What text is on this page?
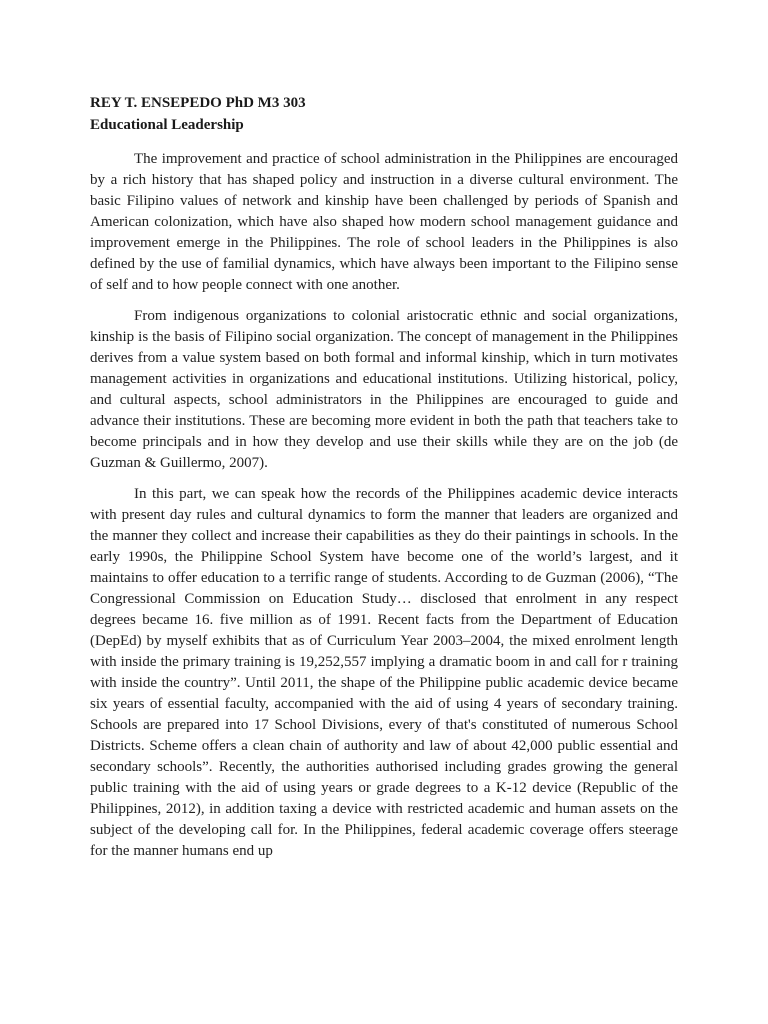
REY T. ENSEPEDO PhD M3 303

Educational Leadership

The improvement and practice of school administration in the Philippines are encouraged by a rich history that has shaped policy and instruction in a diverse cultural environment. The basic Filipino values of network and kinship have been challenged by periods of Spanish and American colonization, which have also shaped how modern school management guidance and improvement emerge in the Philippines. The role of school leaders in the Philippines is also defined by the use of familial dynamics, which have always been important to the Filipino sense of self and to how people connect with one another.

From indigenous organizations to colonial aristocratic ethnic and social organizations, kinship is the basis of Filipino social organization. The concept of management in the Philippines derives from a value system based on both formal and informal kinship, which in turn motivates management activities in organizations and educational institutions. Utilizing historical, policy, and cultural aspects, school administrators in the Philippines are encouraged to guide and advance their institutions. These are becoming more evident in both the path that teachers take to become principals and in how they develop and use their skills while they are on the job (de Guzman & Guillermo, 2007).

In this part, we can speak how the records of the Philippines academic device interacts with present day rules and cultural dynamics to form the manner that leaders are organized and the manner they collect and increase their capabilities as they do their paintings in schools. In the early 1990s, the Philippine School System have become one of the world’s largest, and it maintains to offer education to a terrific range of students. According to de Guzman (2006), “The Congressional Commission on Education Study… disclosed that enrolment in any respect degrees became 16. five million as of 1991. Recent facts from the Department of Education (DepEd) by myself exhibits that as of Curriculum Year 2003–2004, the mixed enrolment length with inside the primary training is 19,252,557 implying a dramatic boom in and call for r training with inside the country”. Until 2011, the shape of the Philippine public academic device became six years of essential faculty, accompanied with the aid of using 4 years of secondary training. Schools are prepared into 17 School Divisions, every of that's constituted of numerous School Districts. Scheme offers a clean chain of authority and law of about 42,000 public essential and secondary schools”. Recently, the authorities authorised including grades growing the general public training with the aid of using years or grade degrees to a K-12 device (Republic of the Philippines, 2012), in addition taxing a device with restricted academic and human assets on the subject of the developing call for. In the Philippines, federal academic coverage offers steerage for the manner humans end up
